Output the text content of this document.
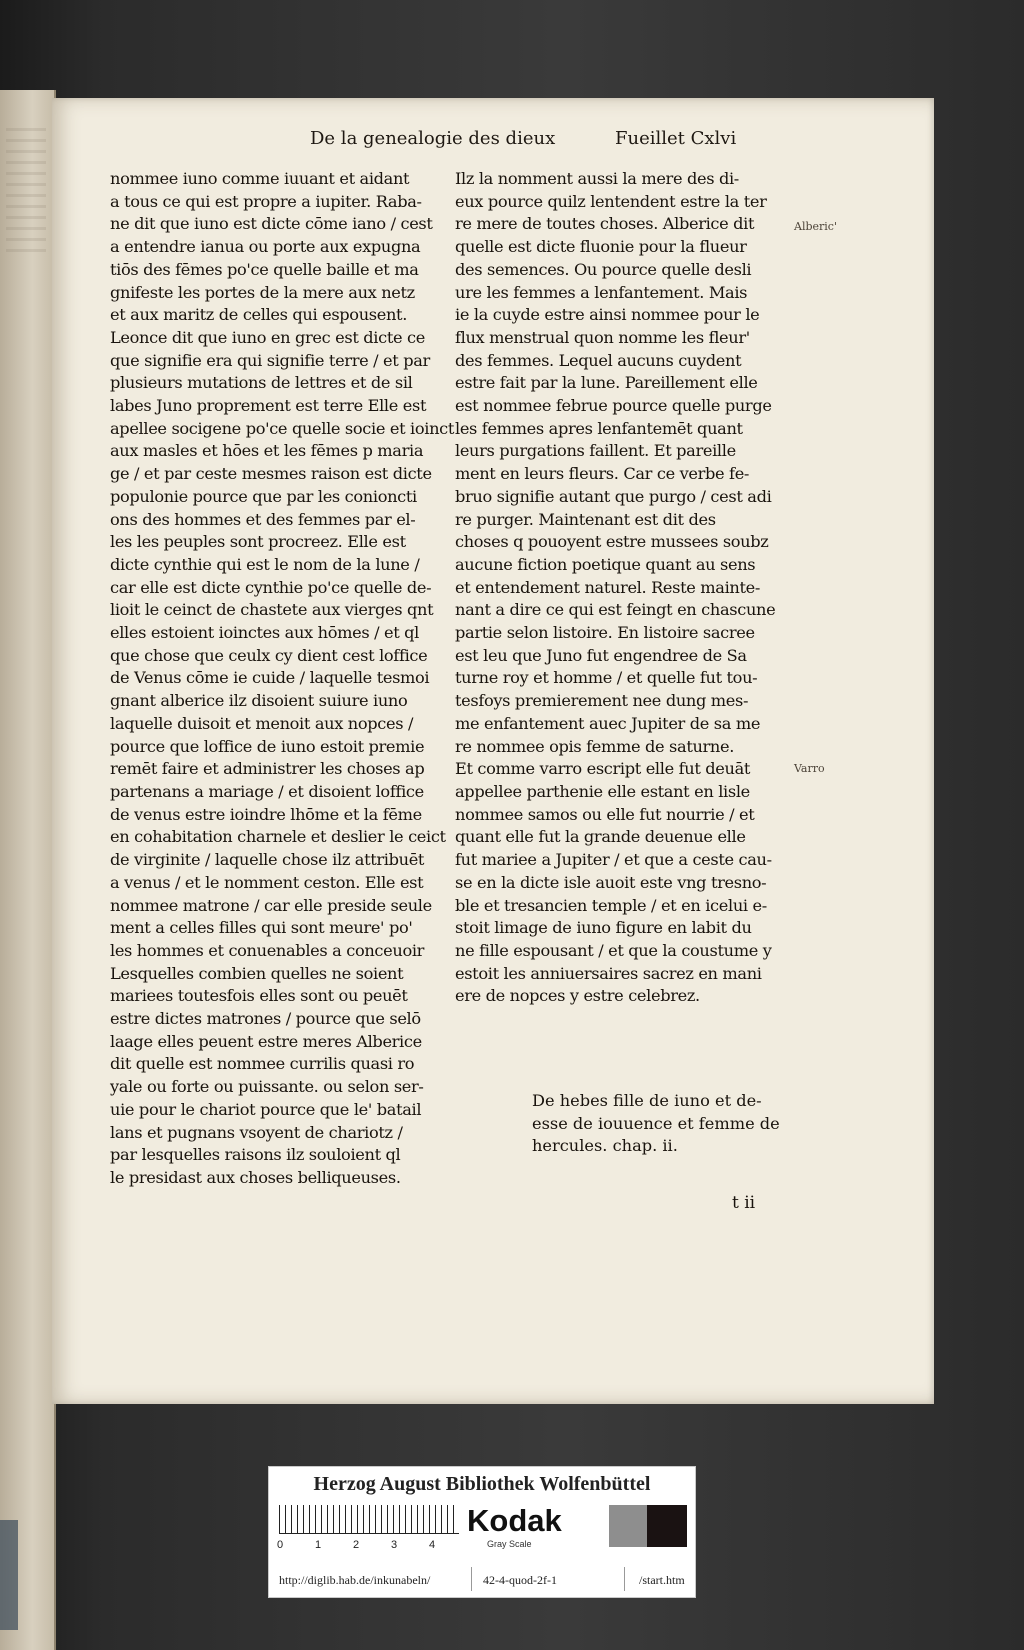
De la genealogie des dieux	Fueillet Cxlvi

nommee iuno comme iuuant et aidant

a tous ce qui est propre a iupiter. Raba-

ne dit que iuno est dicte cōme iano / cest

a entendre ianua ou porte aux expugna

tiōs des fēmes po'ce quelle baille et ma

gnifeste les portes de la mere aux netz

et aux maritz de celles qui espousent.

Leonce dit que iuno en grec est dicte ce

que signifie era qui signifie terre / et par

plusieurs mutations de lettres et de sil

labes Juno proprement est terre Elle est

apellee socigene po'ce quelle socie et ioinct

aux masles et hōes et les fēmes p maria

ge / et par ceste mesmes raison est dicte

populonie pource que par les conioncti

ons des hommes et des femmes par el-

les les peuples sont procreez. Elle est

dicte cynthie qui est le nom de la lune /

car elle est dicte cynthie po'ce quelle de-

lioit le ceinct de chastete aux vierges qnt

elles estoient ioinctes aux hōmes / et ql

que chose que ceulx cy dient cest loffice

de Venus cōme ie cuide / laquelle tesmoi

gnant alberice ilz disoient suiure iuno

laquelle duisoit et menoit aux nopces /

pource que loffice de iuno estoit premie

remēt faire et administrer les choses ap

partenans a mariage / et disoient loffice

de venus estre ioindre lhōme et la fēme

en cohabitation charnele et deslier le ceict

de virginite / laquelle chose ilz attribuēt

a venus / et le nomment ceston. Elle est

nommee matrone / car elle preside seule

ment a celles filles qui sont meure' po'

les hommes et conuenables a conceuoir

Lesquelles combien quelles ne soient

mariees toutesfois elles sont ou peuēt

estre dictes matrones / pource que selō

laage elles peuent estre meres Alberice

dit quelle est nommee currilis quasi ro

yale ou forte ou puissante. ou selon ser-

uie pour le chariot pource que le' batail

lans et pugnans vsoyent de chariotz /

par lesquelles raisons ilz souloient ql

le presidast aux choses belliqueuses.

Ilz la nomment aussi la mere des di-

eux pource quilz lentendent estre la ter

re mere de toutes choses. Alberice dit

quelle est dicte fluonie pour la flueur

des semences. Ou pource quelle desli

ure les femmes a lenfantement. Mais

ie la cuyde estre ainsi nommee pour le

flux menstrual quon nomme les fleur'

des femmes. Lequel aucuns cuydent

estre fait par la lune. Pareillement elle

est nommee februe pource quelle purge

les femmes apres lenfantemēt quant

leurs purgations faillent. Et pareille

ment en leurs fleurs. Car ce verbe fe-

bruo signifie autant que purgo / cest adi

re purger. Maintenant est dit des

choses q pouoyent estre mussees soubz

aucune fiction poetique quant au sens

et entendement naturel. Reste mainte-

nant a dire ce qui est feingt en chascune

partie selon listoire. En listoire sacree

est leu que Juno fut engendree de Sa

turne roy et homme / et quelle fut tou-

tesfoys premierement nee dung mes-

me enfantement auec Jupiter de sa me

re nommee opis femme de saturne.

Et comme varro escript elle fut deuāt

appellee parthenie elle estant en lisle

nommee samos ou elle fut nourrie / et

quant elle fut la grande deuenue elle

fut mariee a Jupiter / et que a ceste cau-

se en la dicte isle auoit este vng tresno-

ble et tresancien temple / et en icelui e-

stoit limage de iuno figure en labit du

ne fille espousant / et que la coustume y

estoit les anniuersaires sacrez en mani

ere de nopces y estre celebrez.

Alberic'
Varro

De hebes fille de iuno et de-

esse de iouuence et femme de

hercules. chap. ii.

t ii
Herzog August Bibliothek Wolfenbüttel
0	1	2	3	4
Kodak
Gray Scale
http://diglib.hab.de/inkunabeln/	42-4-quod-2f-1	/start.htm
